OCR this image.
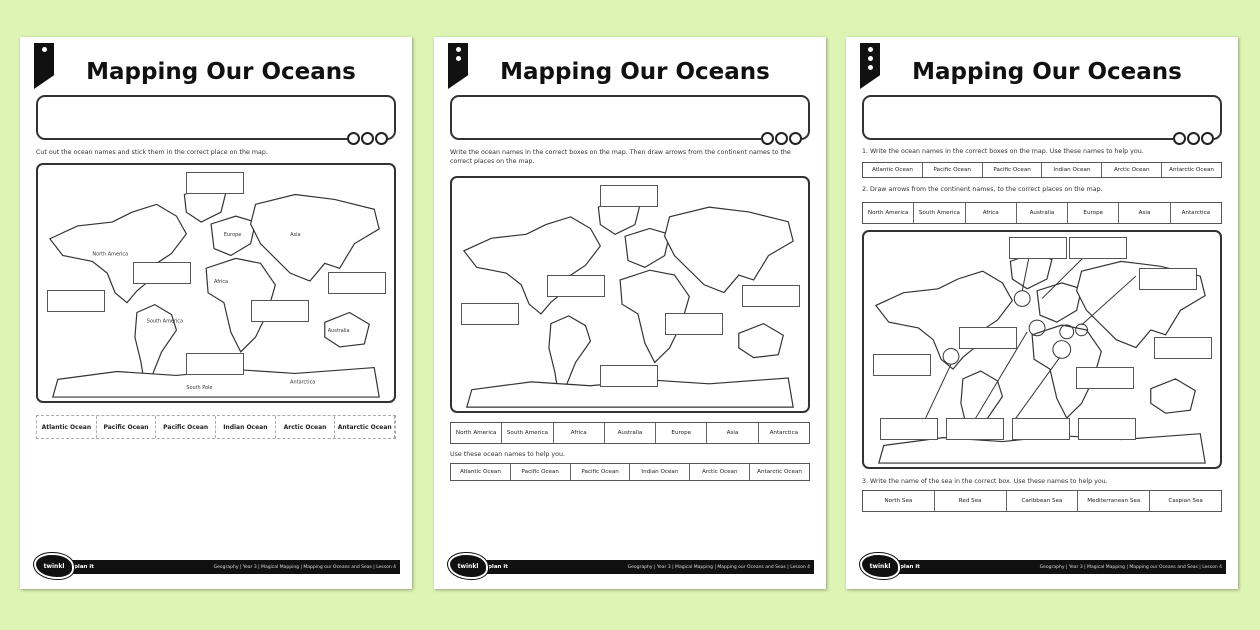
Mapping Our Oceans
Cut out the ocean names and stick them in the correct place on the map.
North America
South America
Africa
Europe	Asia
Australia
South Pole
Antarctica
Atlantic Ocean	Pacific Ocean	Pacific Ocean	Indian Ocean	Arctic Ocean	Antarctic Ocean
plan it	Geography | Year 3 | Magical Mapping | Mapping our Oceans and Seas | Lesson 4
twinkl
Mapping Our Oceans
Write the ocean names in the correct boxes on the map. Then draw arrows from the continent names to the correct places on the map.
North America	South America	Africa	Australia	Europe	Asia	Antarctica
Use these ocean names to help you.
Atlantic Ocean	Pacific Ocean	Pacific Ocean	Indian Ocean	Arctic Ocean	Antarctic Ocean
plan it	Geography | Year 3 | Magical Mapping | Mapping our Oceans and Seas | Lesson 4
twinkl
Mapping Our Oceans
1. Write the ocean names in the correct boxes on the map. Use these names to help you.
Atlantic Ocean	Pacific Ocean	Pacific Ocean	Indian Ocean	Arctic Ocean	Antarctic Ocean
2. Draw arrows from the continent names, to the correct places on the map.
North America	South America	Africa	Australia	Europe	Asia	Antarctica
3. Write the name of the sea in the correct box. Use these names to help you.
North Sea	Red Sea	Caribbean Sea	Mediterranean Sea	Caspian Sea
plan it	Geography | Year 3 | Magical Mapping | Mapping our Oceans and Seas | Lesson 4
twinkl
